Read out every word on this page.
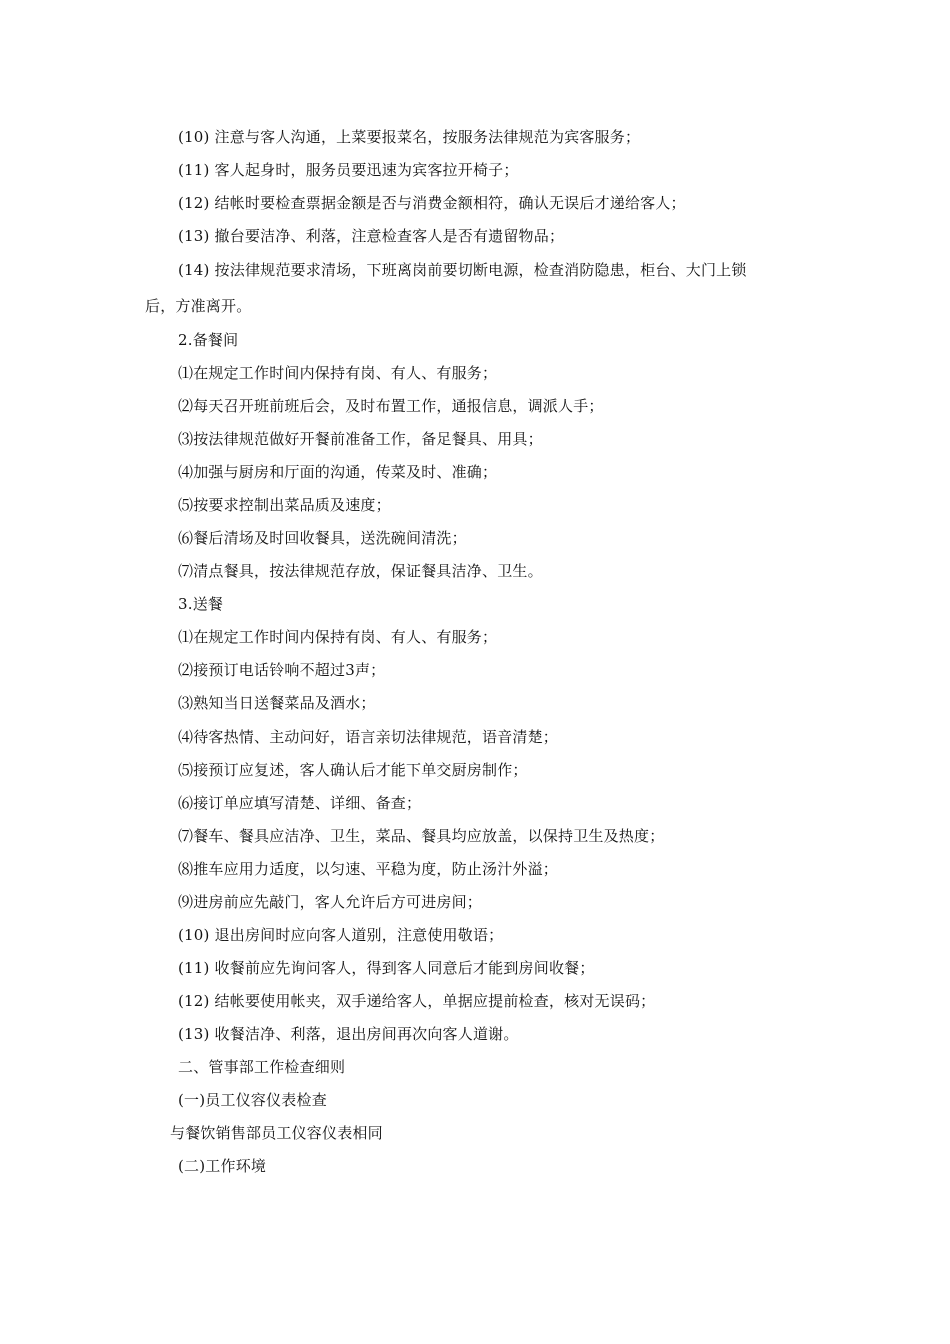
(10) 注意与客人沟通，上菜要报菜名，按服务法律规范为宾客服务；
(11) 客人起身时，服务员要迅速为宾客拉开椅子；
(12) 结帐时要检查票据金额是否与消费金额相符，确认无误后才递给客人；
(13) 撤台要洁净、利落，注意检查客人是否有遗留物品；
(14) 按法律规范要求清场，下班离岗前要切断电源，检查消防隐患，柜台、大门上锁
后，方准离开。
2.备餐间
⑴在规定工作时间内保持有岗、有人、有服务；
⑵每天召开班前班后会，及时布置工作，通报信息，调派人手；
⑶按法律规范做好开餐前准备工作，备足餐具、用具；
⑷加强与厨房和厅面的沟通，传菜及时、准确；
⑸按要求控制出菜品质及速度；
⑹餐后清场及时回收餐具，送洗碗间清洗；
⑺清点餐具，按法律规范存放，保证餐具洁净、卫生。
3.送餐
⑴在规定工作时间内保持有岗、有人、有服务；
⑵接预订电话铃响不超过3声；
⑶熟知当日送餐菜品及酒水；
⑷待客热情、主动问好，语言亲切法律规范，语音清楚；
⑸接预订应复述，客人确认后才能下单交厨房制作；
⑹接订单应填写清楚、详细、备查；
⑺餐车、餐具应洁净、卫生，菜品、餐具均应放盖，以保持卫生及热度；
⑻推车应用力适度，以匀速、平稳为度，防止汤汁外溢；
⑼进房前应先敲门，客人允许后方可进房间；
(10) 退出房间时应向客人道别，注意使用敬语；
(11) 收餐前应先询问客人，得到客人同意后才能到房间收餐；
(12) 结帐要使用帐夹，双手递给客人，单据应提前检查，核对无误码；
(13) 收餐洁净、利落，退出房间再次向客人道谢。
二、管事部工作检查细则
(一)员工仪容仪表检查
与餐饮销售部员工仪容仪表相同
(二)工作环境
